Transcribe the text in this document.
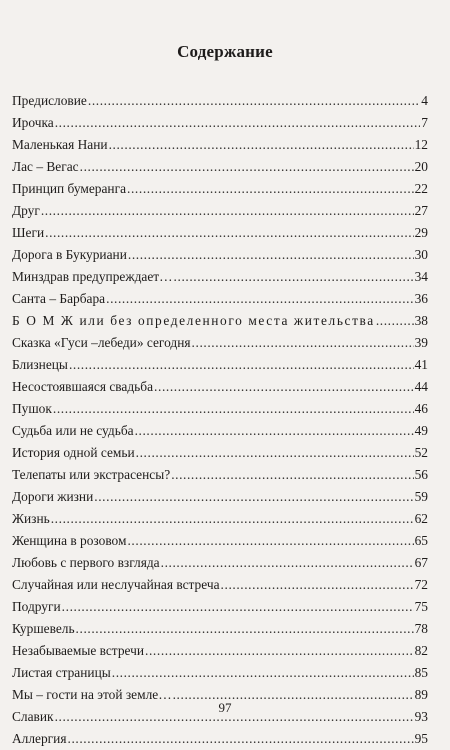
Содержание
Предисловие .....	4
Ирочка .....	7
Маленькая Нани .....	12
Лас – Вегас .....	20
Принцип бумеранга .....	22
Друг .....	27
Шеги .....	29
Дорога в Букуриани .....	30
Минздрав предупреждает… .....	34
Санта – Барбара .....	36
Б О М Ж или без определенного места жительства .....	38
Сказка «Гуси –лебеди» сегодня .....	39
Близнецы .....	41
Несостоявшаяся свадьба .....	44
Пушок .....	46
Судьба или не судьба .....	49
История одной семьи .....	52
Телепаты или экстрасенсы? .....	56
Дороги жизни .....	59
Жизнь .....	62
Женщина в розовом .....	65
Любовь с первого взгляда .....	67
Случайная или неслучайная встреча .....	72
Подруги .....	75
Куршевель .....	78
Незабываемые встречи .....	82
Листая страницы .....	85
Мы – гости на этой земле… .....	89
Славик .....	93
Аллергия .....	95
97
